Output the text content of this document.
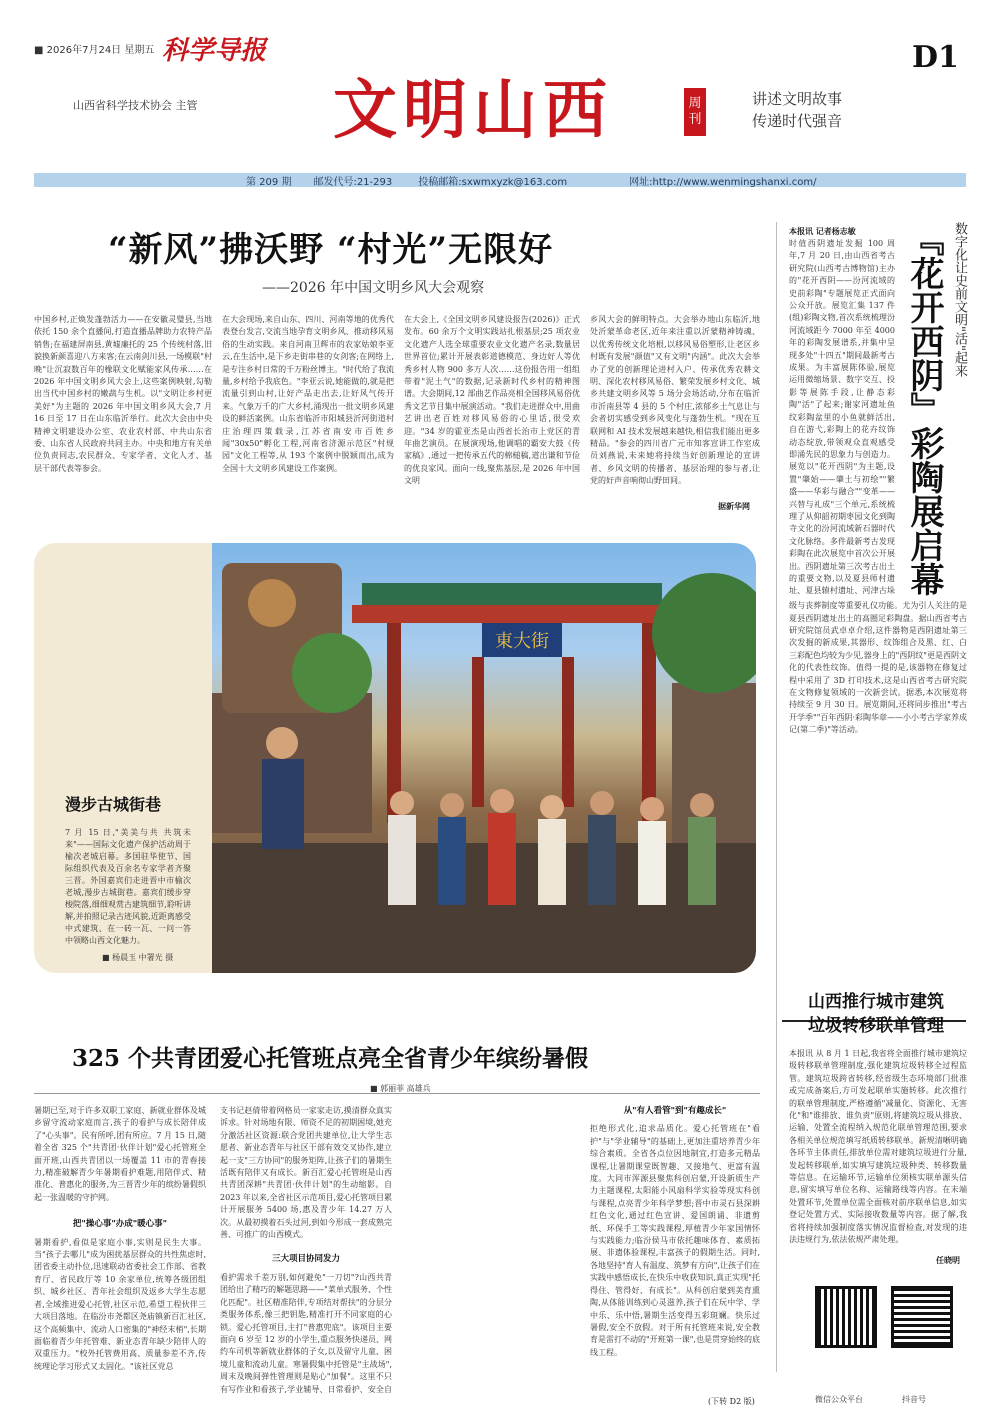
■ 2026年7月24日 星期五 科学导报
山西省科学技术协会 主管 文明山西	周刊
讲述文明故事
传递时代强音
D1
第 209 期 邮发代号:21-293	投稿邮箱:sxwmxyzk@163.com	网址:http://www.wenmingshanxi.com/
“新风”拂沃野 “村光”无限好
——2026 年中国文明乡风大会观察
中国乡村,正焕发蓬勃活力——在安徽灵璧县,当地依托 150 余个直播间,打造直播品牌助力农特产品销售;在福建屏南县,黄墟廉托的 25 个传统村落,旧貌换新颜喜迎八方来客;在云南剑川县,一场模联"村晚"让沉寂数百年的橡联文化赋能家风传承……在 2026 年中国文明乡风大会上,这些案例映射,勾勒出当代中国乡村的嫩蔬与生机。以"文明让乡村更美好"为主题的 2026 年中国文明乡风大会,7 月 16 日至 17 日在山东临沂举行。此次大会由中央精神文明建设办公室、农业农村部、中共山东省委、山东省人民政府共同主办。中央和地方有关单位负责同志,农民群众、专家学者、文化人才、基层干部代表等参会。
在大会现场,来自山东、四川、河南等地的优秀代表登台发言,交流当地孕育文明乡风、推动移风易俗的生动实践。来自河南卫辉市的农家姑娘李亚云,在生活中,是下乡走街串巷的女剑客;在网络上,是专注乡村日常的千万粉丝博主。"时代给了我流量,乡村给予我底色。"李亚云说,她能做的,就是把流量引到山村,让好产品走出去,让好风气传开来。气象万千的广大乡村,涌现出一批文明乡风建设的鲜活案例。山东省临沂市阳城县沂河街道村庄治理四策载录,江苏省南安市百姓乡闻"30x50"孵化工程,河南省济源示范区"村规园"文化工程等,从 193 个案例中脱颖而出,成为全国十大文明乡风建设工作案例。
在大会上,《全国文明乡风建设报告(2026)》正式发布。60 余万个文明实践站扎根基层;25 项农业文化遗产人选全球重要农业文化遗产名录,数量居世界首位;累计开展表彰道德模范、身边好人等优秀乡村人物 900 多万人次……这份报告用一组组带着"泥土气"的数据,记录新时代乡村的精神图谱。大会期间,12 部曲艺作品亮相全国移风易俗优秀文艺节目集中展演活动。"我们走进群众中,用曲艺讲出老百姓对移风易俗的心里话,很受欢迎。"34 岁的霍亚杰是山西省长治市上党区的青年曲艺演员。在展演现场,他调唱的霸安大鼓《传家稿》,通过一把传承五代的棉槌稿,道出谦和节俭的优良家风。面向一线,聚焦基层,是 2026 年中国文明
乡风大会的鲜明特点。大会举办地山东临沂,地处沂蒙革命老区,近年来注重以沂蒙精神铸魂、以优秀传统文化培根,以移风易俗塑形,让老区乡村既有发展"颜值"又有文明"内涵"。此次大会举办了党的创新理论进村入户、传承优秀农耕文明、深化农村移风易俗、繁荣发展乡村文化、城乡共建文明乡风等 5 场分会场活动,分布在临沂市沂南县等 4 县的 5 个村庄,浓郁乡土气息让与会者切实感受到乡风变化与蓬勃生机。"现在互联网和 AI 技术发展越来越快,相信我们能出更多精品。"参会的四川省广元市知客宣讲工作室成员刘燕说,未来她将持续当好创新理论的宣讲者、乡风文明的传播者、基层治理的参与者,让党的好声音响彻山野田间。
据新华网
東大街
漫步古城街巷
7 月 15 日,"美美与共 共筑未来"——国际文化遗产保护活动周于榆次老城启幕。多国驻华使节、国际组织代表及百余名专家学者齐聚三晋。外国嘉宾们走进晋中市榆次老城,漫步古城街巷。嘉宾们缓步穿梭院落,细细观赏古建筑细节,聆听讲解,并拍照记录古迹风貌,近距离感受中式建筑、在一砖一瓦、一问一答中领略山西文化魅力。
■ 杨晨玉 中署光 摄
325 个共青团爱心托管班点亮全省青少年缤纷暑假
■ 郭丽菲 高雄兵
暑期已至,对于许多双职工家庭、新就业群体及城乡留守流动家庭而言,孩子的看护与成长陪伴成了"心头事"。民有所呼,团有所应。7 月 15 日,随着全省 325 个"共青团·伙伴计划"爱心托管班全面开班,山西共青团以一场覆盖 11 市的青春接力,精准破解青少年暑期看护难题,用陪伴式、精准化、普惠化的服务,为三晋青少年的缤纷暑假织起一张温暖的守护网。
把"操心事"办成"暖心事"
暑期看护,看似是家庭小事,实则是民生大事。当"孩子去哪儿"成为困扰基层群众的共性焦虑时,团省委主动扑位,迅速联动省委社会工作部、省教育厅、省民政厅等 10 余家单位,统筹各级团组织、城乡社区、青年社会组织及返乡大学生志愿者,全域推进爱心托管,社区示范,希望工程伙伴三大项目落地。在临汾市尧都区尧庙镇新百汇社区,这个高频集中、流动人口密集的"神经末梢",长期面临着青少年托管难、新业态青年缺少陪伴人的双重压力。"校外托管费用高、质量参差不齐,传统理论学习形式又太固化。"该社区党总
支书记赵倩带着网格员一家家走访,摸清群众真实诉求。针对场地有限、师资不足的初期困境,她充分激活社区资源:联合党团共建单位,让大学生志愿者、新业态青年与社区干部有效交叉协作,建立起一支"三方协同"的服务矩阵,让孩子们的暑期生活既有陪伴又有成长。新百汇爱心托管班是山西共青团深耕"共青团·伙伴计划"的生动缩影。自 2023 年以来,全省社区示范项目,爱心托管项目累计开展服务 5400 场,惠及青少年 14.27 万人次。从最初摸着石头过河,到如今形成一套成熟完善、可推广的山西模式。
三大项目协同发力
看护需求千差万别,如何避免"一刀切"?山西共青团给出了精巧的解题思路——"菜单式服务、个性化匹配"。社区精准陪伴,专项结对帮扶"的分层分类服务体系,像三把钥匙,精准打开不同家庭的心锁。爱心托管项目,主打"普惠兜底"。该项目主要面向 6 岁至 12 岁的小学生,重点服务快递员、网约车司机等新就业群体的子女,以及留守儿童、困境儿童和流动儿童。寒暑假集中托管是"主战场",周末及晚间弹性管理则是贴心"加餐"。这里不只有写作业和看孩子,学业辅导、日常看护、安全自
从"有人看管"到"有趣成长"
拒绝形式化,追求品质化。爱心托管班在"看护"与"学业辅导"的基础上,更加注重培养青少年综合素质。全省各点位因地制宜,打造多元精品课程,让暑期课堂既智趣、又接地气、更富有温度。大同市浑源县聚焦科创启蒙,开设新质生产力主题课程,太阳能小风扇科学实验等现实科创与课程,点亮青少年科学梦想;晋中市灵石县深耕红色文化,通过红色宣讲、爱国朗诵、非遗剪纸、环保手工等实践课程,厚植青少年家国情怀与实践能力;临汾侯马市依托趣味体育、素质拓展、非遗体验课程,丰富孩子的假期生活。同时,各地坚持"育人有温度、筑梦有方向",让孩子们在实践中感悟成长,在快乐中收获知识,真正实现"托得住、管得好、有成长"。从科创启蒙到美育熏陶,从体能训练到心灵滋养,孩子们在玩中学、学中乐、乐中悟,暑期生活变得五彩斑斓。快乐过暑假,安全不放假。对于所有托管班来说,安全教育是雷打不动的"开班第一课",也是贯穿始终的底线工程。
(下转 D2 版)
本报讯 记者杨志敏
时值西阴遗址发掘 100 周年,7 月 20 日,由山西省考古研究院(山西考古博物馆)主办的"花开西阴——汾河流域的史前彩陶"专题展览正式面向公众开放。展览汇集 137 件(组)彩陶文物,首次系统梳理汾河流域距今 7000 年至 4000 年的彩陶发展谱系,并集中呈现多处"十四五"期间最新考古成果。为丰富展陈体验,展览运用微缩场景、数字交互、投影等展陈手段,让静态彩陶"活"了起来;谢家河遗址鱼纹彩陶盆里的小鱼就鲜活出,自在游弋,彩陶上的花卉纹饰动态绽放,带领观众直观感受即涌先民的思象力与创造力。展览以"花开西阴"为主题,设置"肇始——肇土与初绘""繁盛——华彩与融合""变革——兴替与礼成"三个单元,系统梳理了从仰韶初期枣园文化到陶寺文化的汾河流域新石器时代文化脉络。多件最新考古发现彩陶在此次展览中首次公开展出。西阴遗址第三次考古出土的重要文物,以及夏县师村遗址、夏县辕村遗址、河津古垛
级与丧葬制度等重要礼仪功能。尤为引人关注的是夏县西阴遗址出土的高圈足彩陶盘。据山西省考古研究院馆员武卓卓介绍,这件器物是西阴遗址第三次发掘的新成果,其器形、纹饰组合及黑、红、白三彩配色均较为少见,器身上的"西阴纹"更是西阴文化的代表性纹饰。值得一提的是,该器物在修复过程中采用了 3D 打印技术,这是山西省考古研究院在文物修复领域的一次新尝试。据悉,本次展览将持续至 9 月 30 日。展览期间,还将同步推出"考古开学季""百年西阴·彩陶华章——小小考古学家养成记(第二季)"等活动。
数字化让史前文明"活"起来
『花开西阴』彩陶展启幕
山西推行城市建筑
垃圾转移联单管理
本报讯 从 8 月 1 日起,我省将全面推行城市建筑垃圾转移联单管理制度,强化建筑垃圾转移全过程监管。建筑垃圾跨省转移,经省级生态环境部门批准或完成备案后,方可发起联单实施转移。此次推行的联单管理制度,严格遵循"减量化、资源化、无害化"和"谁排放、谁负责"原则,将建筑垃圾从排放、运输、处置全流程纳入规范化联单管理范围,要求各相关单位规范填写纸质转移联单。新规清晰明确各环节主体责任,排放单位需对建筑垃圾进行分量,发起转移联单,如实填写建筑垃圾种类、转移数量等信息。在运输环节,运输单位须核实联单源头信息,留实填写单位名称、运输路线等内容。在末端处置环节,处置单位需全面核对前序联单信息,如实登记处置方式、实际接收数量等内容。据了解,我省将持续加强制度落实情况监督检查,对发现的违法违规行为,依法依规严肃处理。
任晓明
微信公众平台	抖音号
